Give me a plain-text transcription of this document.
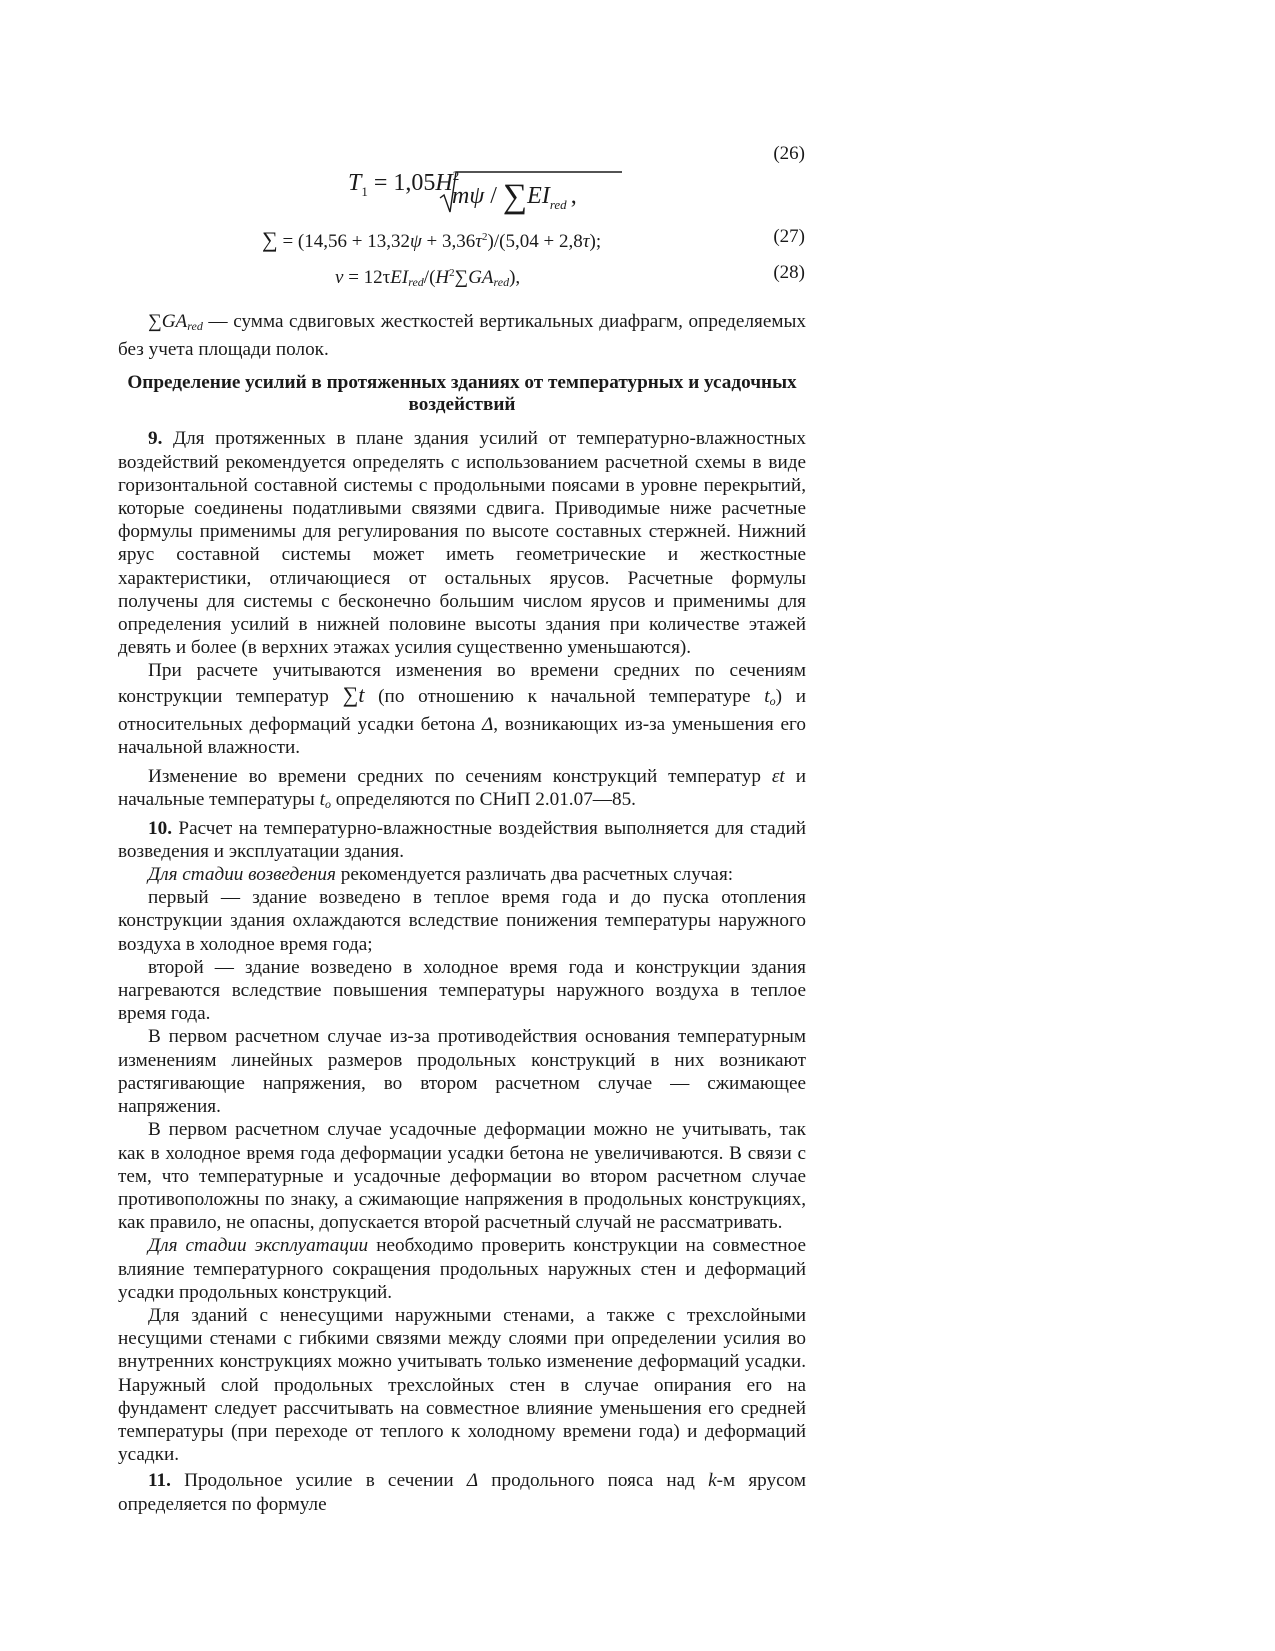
(26)
$T_1 = 1,05H^2$
mψ / $\sum EI_{red}$ ,
∑ = $(14,56 + 13,32\psi + 3,36\tau^2)/(5,04 + 2,8\tau)$;	(27)
$\nu = 12\tau EI_{red}/(H^2\sum GA_{red})$,	(28)

$\sum GA_{red}$ — сумма сдвиговых жесткостей вертикальных диафрагм, определяемых без учета площади полок.

Определение усилий в протяженных зданиях от температурных и усадочных воздействий

9. Для протяженных в плане здания усилий от температурно-влажностных воздействий рекомендуется определять с использованием расчетной схемы в виде горизонтальной составной системы с продольными поясами в уровне перекрытий, которые соединены податливыми связями сдвига. Приводимые ниже расчетные формулы применимы для регулирования по высоте составных стержней. Нижний ярус составной системы может иметь геометрические и жесткостные характеристики, отличающиеся от остальных ярусов. Расчетные формулы получены для системы с бесконечно большим числом ярусов и применимы для определения усилий в нижней половине высоты здания при количестве этажей девять и более (в верхних этажах усилия существенно уменьшаются).

При расчете учитываются изменения во времени средних по сечениям конструкции температур ∑t (по отношению к начальной температуре $t_o$) и относительных деформаций усадки бетона Δ, возникающих из-за уменьшения его начальной влажности.

Изменение во времени средних по сечениям конструкций температур εt и начальные температуры $t_o$ определяются по СНиП 2.01.07—85.

10. Расчет на температурно-влажностные воздействия выполняется для стадий возведения и эксплуатации здания.

Для стадии возведения рекомендуется различать два расчетных случая:

первый — здание возведено в теплое время года и до пуска отопления конструкции здания охлаждаются вследствие понижения температуры наружного воздуха в холодное время года;

второй — здание возведено в холодное время года и конструкции здания нагреваются вследствие повышения температуры наружного воздуха в теплое время года.

В первом расчетном случае из-за противодействия основания температурным изменениям линейных размеров продольных конструкций в них возникают растягивающие напряжения, во втором расчетном случае — сжимающее напряжения.

В первом расчетном случае усадочные деформации можно не учитывать, так как в холодное время года деформации усадки бетона не увеличиваются. В связи с тем, что температурные и усадочные деформации во втором расчетном случае противоположны по знаку, а сжимающие напряжения в продольных конструкциях, как правило, не опасны, допускается второй расчетный случай не рассматривать.

Для стадии эксплуатации необходимо проверить конструкции на совместное влияние температурного сокращения продольных наружных стен и деформаций усадки продольных конструкций.

Для зданий с ненесущими наружными стенами, а также с трехслойными несущими стенами с гибкими связями между слоями при определении усилия во внутренних конструкциях можно учитывать только изменение деформаций усадки. Наружный слой продольных трехслойных стен в случае опирания его на фундамент следует рассчитывать на совместное влияние уменьшения его средней температуры (при переходе от теплого к холодному времени года) и деформаций усадки.

11. Продольное усилие в сечении Δ продольного пояса над k-м ярусом определяется по формуле
